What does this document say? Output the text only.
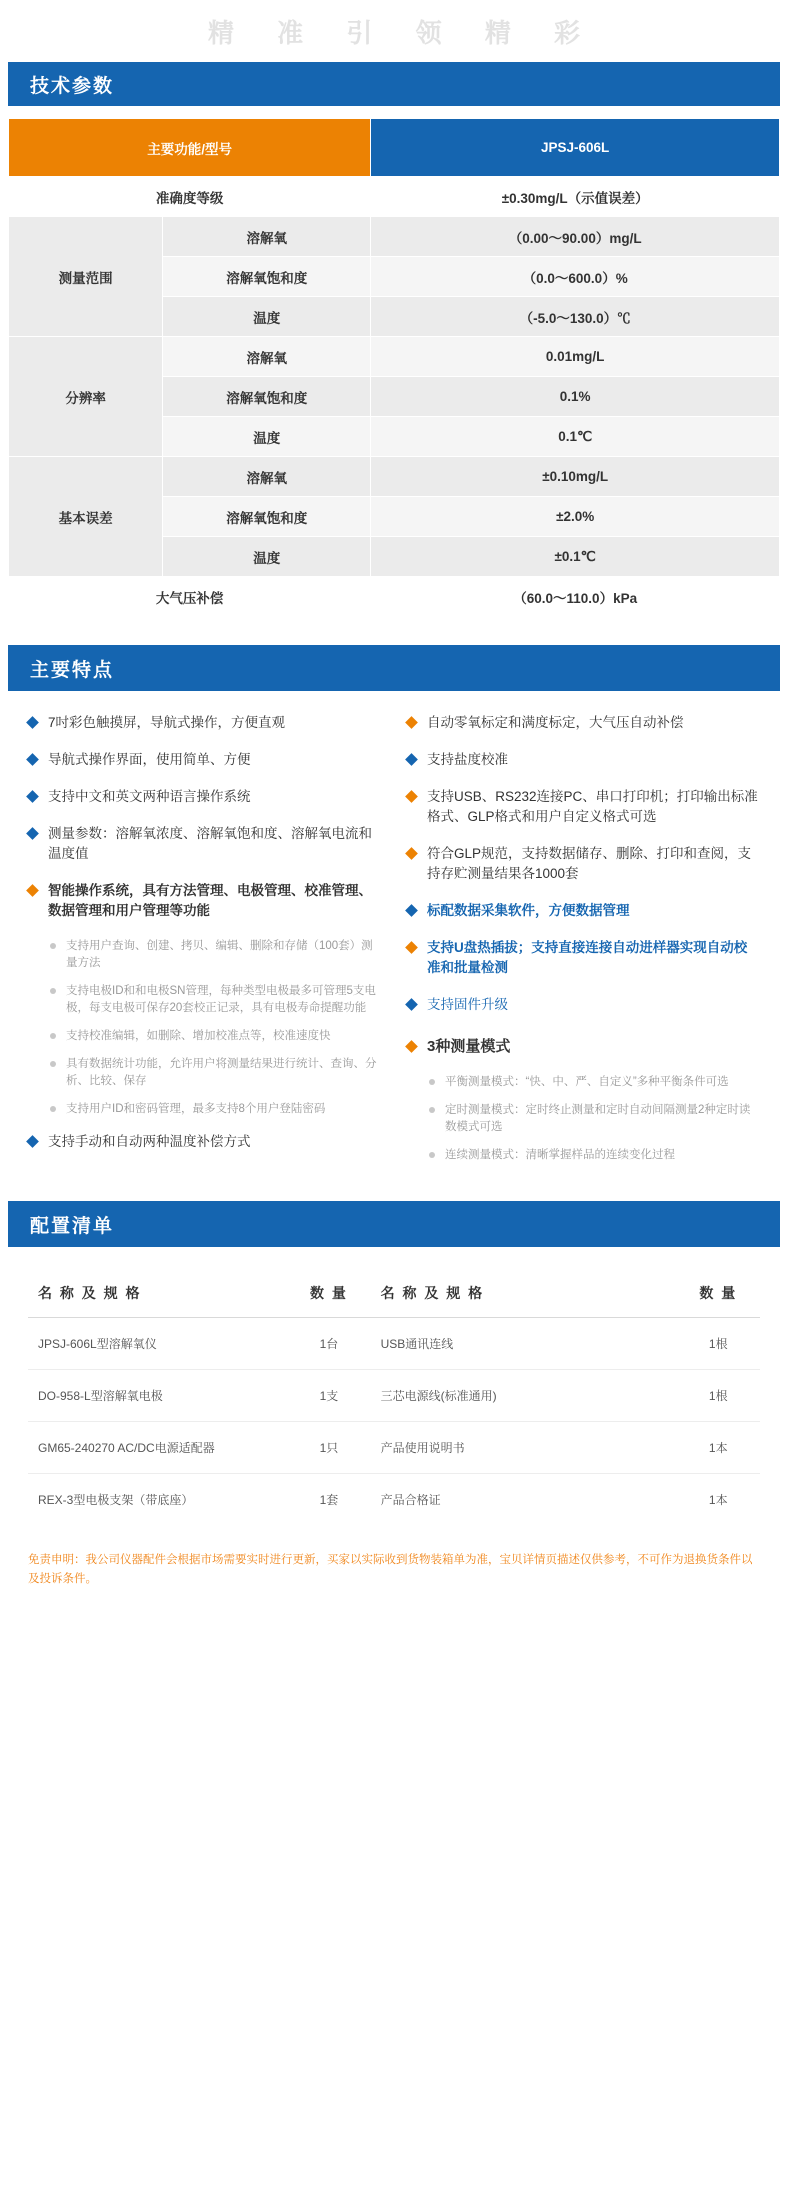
精 准 引 领 精 彩
技术参数
主要功能/型号		JPSJ-606L
准确度等级		±0.30mg/L（示值误差）
测量范围	溶解氧	（0.00～90.00）mg/L
	溶解氧饱和度	（0.0～600.0）%
	温度	（-5.0～130.0）℃
分辨率	溶解氧	0.01mg/L
	溶解氧饱和度	0.1%
	温度	0.1℃
基本误差	溶解氧	±0.10mg/L
	溶解氧饱和度	±2.0%
	温度	±0.1℃
大气压补偿		（60.0～110.0）kPa
主要特点
7吋彩色触摸屏，导航式操作，方便直观
导航式操作界面，使用简单、方便
支持中文和英文两种语言操作系统
测量参数：溶解氧浓度、溶解氧饱和度、溶解氧电流和温度值
智能操作系统，具有方法管理、电极管理、校准管理、数据管理和用户管理等功能
支持用户查询、创建、拷贝、编辑、删除和存储（100套）测量方法
支持电极ID和和电极SN管理，每种类型电极最多可管理5支电极，每支电极可保存20套校正记录，具有电极寿命提醒功能
支持校准编辑，如删除、增加校准点等，校准速度快
具有数据统计功能，允许用户将测量结果进行统计、查询、分析、比较、保存
支持用户ID和密码管理，最多支持8个用户登陆密码
支持手动和自动两种温度补偿方式
自动零氧标定和满度标定，大气压自动补偿
支持盐度校准
支持USB、RS232连接PC、串口打印机；打印输出标准格式、GLP格式和用户自定义格式可选
符合GLP规范，支持数据储存、删除、打印和查阅，支持存贮测量结果各1000套
标配数据采集软件，方便数据管理
支持U盘热插拔；支持直接连接自动进样器实现自动校准和批量检测
支持固件升级
3种测量模式
平衡测量模式：“快、中、严、自定义”多种平衡条件可选
定时测量模式：定时终止测量和定时自动间隔测量2种定时读数模式可选
连续测量模式：清晰掌握样品的连续变化过程
配置清单
名 称 及 规 格	数 量	名 称 及 规 格	数 量
JPSJ-606L型溶解氧仪	1台	USB通讯连线	1根
DO-958-L型溶解氧电极	1支	三芯电源线(标准通用)	1根
GM65-240270 AC/DC电源适配器	1只	产品使用说明书	1本
REX-3型电极支架（带底座）	1套	产品合格证	1本
免责申明：我公司仪器配件会根据市场需要实时进行更新，买家以实际收到货物装箱单为准，宝贝详情页描述仅供参考，不可作为退换货条件以及投诉条件。
